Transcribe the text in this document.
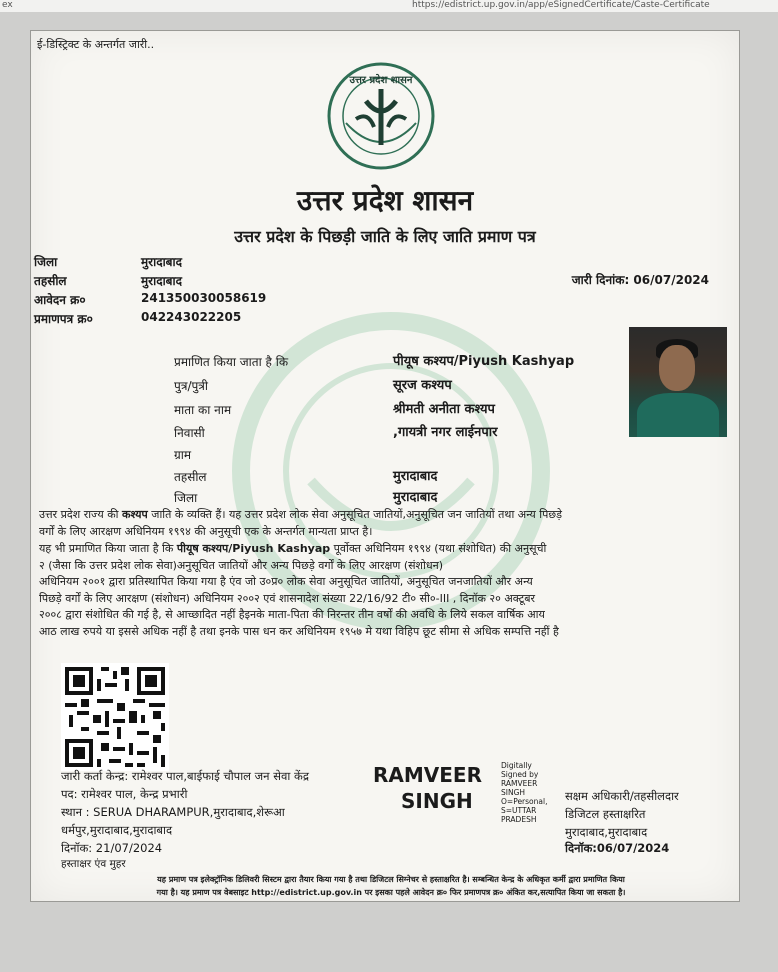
ex	https://edistrict.up.gov.in/app/eSignedCertificate/Caste-Certificate
ई-डिस्ट्रिक्ट के अन्तर्गत जारी..
उत्तर प्रदेश शासन
उत्तर प्रदेश शासन
उत्तर प्रदेश के पिछड़ी जाति के लिए जाति प्रमाण पत्र
जिला	मुरादाबाद
तहसील	मुरादाबाद
आवेदन क्र०	241350030058619
प्रमाणपत्र क्र०	042243022205
जारी दिनांक: 06/07/2024
प्रमाणित किया जाता है कि	पीयूष कश्यप/Piyush Kashyap
पुत्र/पुत्री	सूरज कश्यप
माता का नाम	श्रीमती अनीता कश्यप
निवासी	,गायत्री नगर लाईनपार
ग्राम
तहसील	मुरादाबाद
जिला	मुरादाबाद
उत्तर प्रदेश राज्य की कश्यप जाति के व्यक्ति हैं। यह उत्तर प्रदेश लोक सेवा अनुसूचित जातियों,अनुसूचित जन जातियों तथा अन्य पिछड़े
वर्गों के लिए आरक्षण अधिनियम १९९४ की अनुसूची एक के अन्तर्गत मान्यता प्राप्त है।
यह भी प्रमाणित किया जाता है कि पीयूष कश्यप/Piyush Kashyap पूर्वोक्त अधिनियम १९९४ (यथा संशोधित) की अनुसूची
२ (जैसा कि उत्तर प्रदेश लोक सेवा)अनुसूचित जातियों और अन्य पिछड़े वर्गों के लिए आरक्षण (संशोधन)
अधिनियम २००१ द्वारा प्रतिस्थापित किया गया है एंव जो उ०प्र० लोक सेवा अनुसूचित जातियों, अनुसूचित जनजातियों और अन्य
पिछड़े वर्गों के लिए आरक्षण (संशोधन) अधिनियम २००२ एवं शासनादेश संख्या 22/16/92 टी० सी०-III , दिनॉक २० अक्टूबर
२००८ द्वारा संशोधित की गई है, से आच्छादित नहीं हैइनके माता-पिता की निरन्तर तीन वर्षों की अवधि के लिये सकल वार्षिक आय
आठ लाख रुपये या इससे अधिक नहीं है तथा इनके पास धन कर अधिनियम १९५७ मे यथा विहिप छूट सीमा से अधिक सम्पत्ति नहीं है
जारी कर्ता केन्द्र: रामेश्वर पाल,बाईफाई चौपाल जन सेवा केंद्र
पद: रामेश्वर पाल, केन्द्र प्रभारी
स्थान : SERUA DHARAMPUR,मुरादाबाद,शेरूआ
धर्मपुर,मुरादाबाद,मुरादाबाद
दिनॉक: 21/07/2024
हस्ताक्षर एंव मुहर
RAMVEER
SINGH
Digitally Signed by RAMVEER SINGH O=Personal, S=UTTAR PRADESH
सक्षम अधिकारी/तहसीलदार
डिजिटल हस्ताक्षरित
मुरादाबाद,मुरादाबाद
दिनॉक:06/07/2024
यह प्रमाण पत्र इलेक्ट्रॉनिक डिलिवरी सिस्टम द्वारा तैयार किया गया है तथा डिजिटल सिग्नेचर से हस्ताक्षरित है। सम्बन्धित केन्द्र के अधिकृत कर्मी द्वारा प्रमाणित किया
गया है। यह प्रमाण पत्र वेबसाइट http://edistrict.up.gov.in पर इसका पहले आवेदन क्र० फिर प्रमाणपत्र क्र० अंकित कर,सत्यापित किया जा सकता है।
